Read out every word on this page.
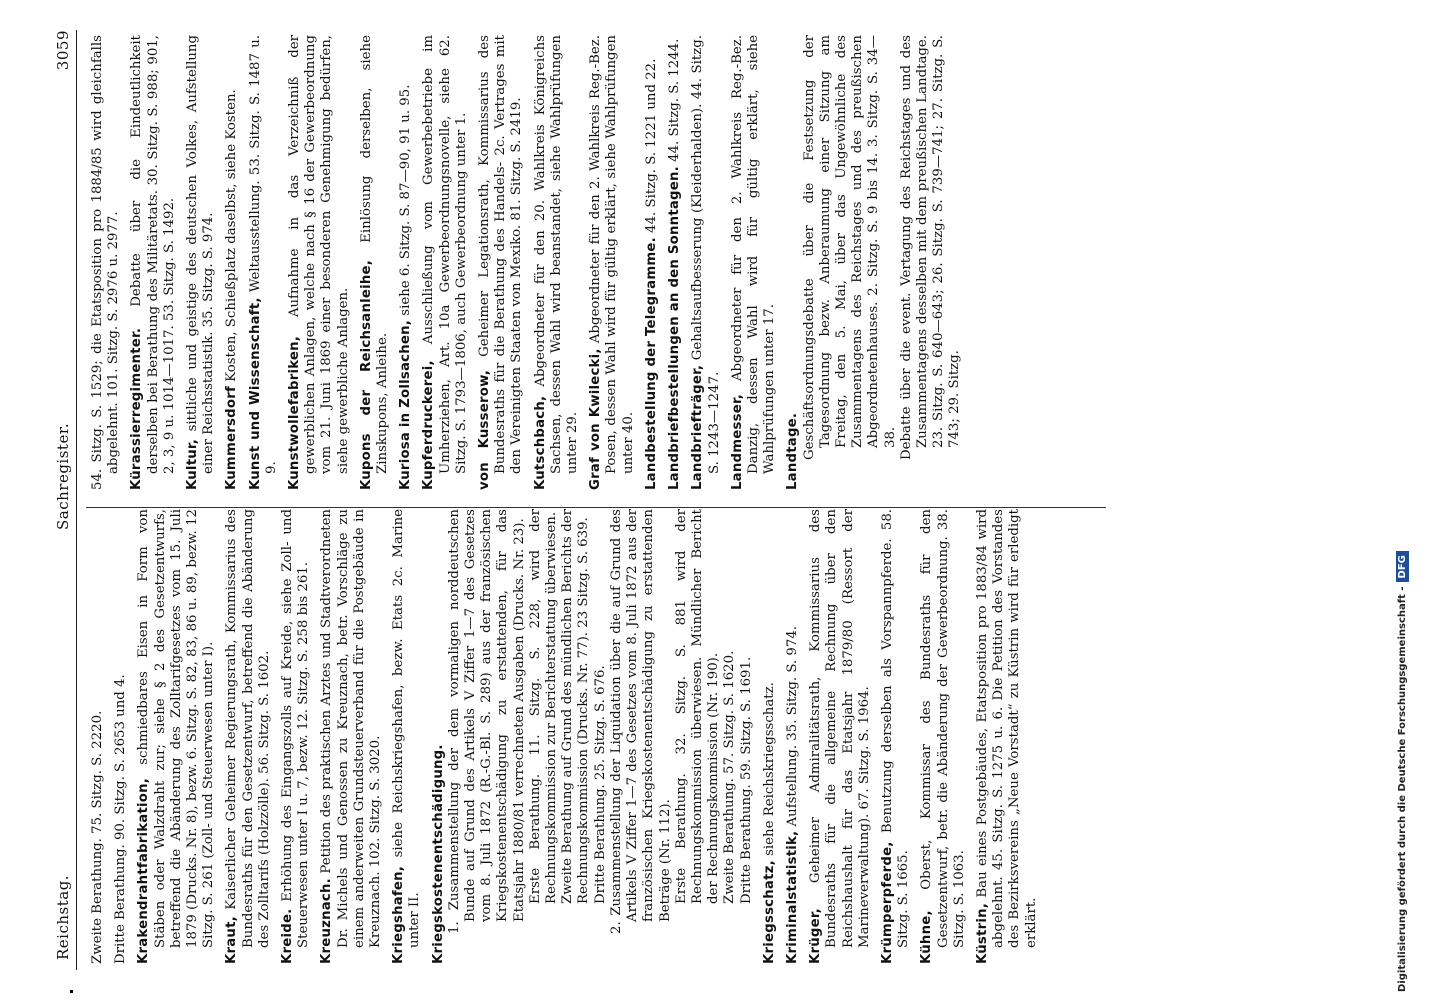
Reichstag.
Sachregister.
3059

Zweite Berathung. 75. Sitzg. S. 2220. Dritte Berathung. 90. Sitzg. S. 2653 und 4. Krakendrahtfabrikation, schmiedbares Eisen in Form von Stäben oder Walzdraht zur; siehe § 2 des Gesetzentwurfs, betreffend die Abänderung des Zolltarifgesetzes vom 15. Juli 1879 (Drucks. Nr. 8), bezw. 6. Sitzg. S. 82, 83, 86 u. 89, bezw. 12 Sitzg. S. 261 (Zoll- und Steuerwesen unter I). Kraut, Kaiserlicher Geheimer Regierungsrath, Kommissarius des Bundesraths für den Gesetzentwurf, betreffend die Abänderung des Zolltarifs (Holzzölle). 56. Sitzg. S. 1602. Kreide. Erhöhung des Eingangszolls auf Kreide, siehe Zoll- und Steuerwesen unter I u. 7, bezw. 12. Sitzg. S. 258 bis 261. Kreuznach. Petition des praktischen Arztes und Stadtverordneten Dr. Michels und Genossen zu Kreuznach, betr. Vorschläge zu einem anderweiten Grundsteuerverband für die Postgebäude in Kreuznach. 102. Sitzg. S. 3020. Kriegshafen, siehe Reichskriegshafen, bezw. Etats 2c. Marine unter II. Kriegskostenentschädigung. 1. Zusammenstellung der dem vormaligen norddeutschen Bunde auf Grund des Artikels V Ziffer 1—7 des Gesetzes vom 8. Juli 1872 (R.-G.-Bl. S. 289) aus der französischen Kriegskostenentschädigung zu erstattenden, für das Etatsjahr 1880/81 verrechneten Ausgaben (Drucks. Nr. 23). Erste Berathung. 11. Sitzg. S. 228, wird der Rechnungskommission zur Berichterstattung überwiesen. Zweite Berathung auf Grund des mündlichen Berichts der Rechnungskommission (Drucks. Nr. 77). 23 Sitzg. S. 639. Dritte Berathung. 25. Sitzg. S. 676. 2. Zusammenstellung der Liquidation über die auf Grund des Artikels V Ziffer 1—7 des Gesetzes vom 8. Juli 1872 aus der französischen Kriegskostenentschädigung zu erstattenden Beträge (Nr. 112). Erste Berathung. 32. Sitzg. S. 881 wird der Rechnungskommission überwiesen. Mündlicher Bericht der Rechnungskommission (Nr. 190). Zweite Berathung. 57. Sitzg. S. 1620. Dritte Berathung. 59. Sitzg. S. 1691.

Kriegsschatz, siehe Reichskriegsschatz.

Kriminalstatistik, Aufstellung. 35. Sitzg. S. 974.

Krüger, Geheimer Admiralitätsrath, Kommissarius des Bundesraths für die allgemeine Rechnung über den Reichshaushalt für das Etatsjahr 1879/80 (Ressort der Marineverwaltung). 67. Sitzg. S. 1964. Krümperpferde, Benutzung derselben als Vorspannpferde. 58. Sitzg. S. 1665. Kühne, Oberst, Kommissar des Bundesraths für den Gesetzentwurf, betr. die Abänderung der Gewerbeordnung. 38. Sitzg. S. 1063. Küstrin, Bau eines Postgebäudes, Etatsposition pro 1883/84 wird abgelehnt. 45. Sitzg. S. 1275 u. 6. Die Petition des Vorstandes des Bezirksvereins „Neue Vorstadt“ zu Küstrin wird für erledigt erklärt.

54. Sitzg. S. 1529; die Etatsposition pro 1884/85 wird gleichfalls abgelehnt. 101. Sitzg. S. 2976 u. 2977. Kürassierregimenter. Debatte über die Eindeutlichkeit derselben bei Berathung des Militäretats. 30. Sitzg. S. 988; 901, 2, 3, 9 u. 1014—1017. 53. Sitzg. S. 1492. Kultur, sittliche und geistige des deutschen Volkes, Aufstellung einer Reichsstatistik. 35. Sitzg. S. 974. Kummersdorf Kosten, Schießplatz daselbst, siehe Kosten.

Kunst und Wissenschaft, Weltausstellung. 53. Sitzg. S. 1487 u. 9. Kunstwollefabriken, Aufnahme in das Verzeichniß der gewerblichen Anlagen, welche nach § 16 der Gewerbeordnung vom 21. Juni 1869 einer besonderen Genehmigung bedürfen, siehe gewerbliche Anlagen. Kupons der Reichsanleihe, Einlösung derselben, siehe Zinskupons, Anleihe. Kuriosa in Zollsachen, siehe 6. Sitzg. S. 87—90, 91 u. 95.

Kupferdruckerei, Ausschließung vom Gewerbebetriebe im Umherziehen, Art. 10a Gewerbeordnungsnovelle, siehe 62. Sitzg. S. 1793—1806, auch Gewerbeordnung unter 1. von Kusserow, Geheimer Legationsrath, Kommissarius des Bundesraths für die Berathung des Handels- 2c. Vertrages mit den Vereinigten Staaten von Mexiko. 81. Sitzg. S. 2419. Kutschbach, Abgeordneter für den 20. Wahlkreis Königreichs Sachsen, dessen Wahl wird beanstandet, siehe Wahlprüfungen unter 29. Graf von Kwilecki, Abgeordneter für den 2. Wahlkreis Reg.-Bez. Posen, dessen Wahl wird für gültig erklärt, siehe Wahlprüfungen unter 40. Landbestellung der Telegramme. 44. Sitzg. S. 1221 und 22.

Landbriefbestellungen an den Sonntagen. 44. Sitzg. S. 1244.

Landbriefträger, Gehaltsaufbesserung (Kleiderhalden). 44. Sitzg. S. 1243—1247. Landmesser, Abgeordneter für den 2. Wahlkreis Reg.-Bez. Danzig, dessen Wahl wird für gültig erklärt, siehe Wahlprüfungen unter 17. Landtage. Geschäftsordnungsdebatte über die Festsetzung der Tagesordnung bezw. Anberaumung einer Sitzung am Freitag, den 5. Mai, über das Ungewöhnliche des Zusammentagens des Reichstages und des preußischen Abgeordnetenhauses. 2. Sitzg. S. 9 bis 14. 3. Sitzg. S. 34—38. Debatte über die event. Vertagung des Reichstages und des Zusammentagens desselben mit dem preußischen Landtage. 23. Sitzg. S. 640—643; 26. Sitzg. S. 739—741; 27. Sitzg. S. 743; 29. Sitzg.

Digitalisierung gefördert durch die Deutsche Forschungsgemeinschaft -DFG
